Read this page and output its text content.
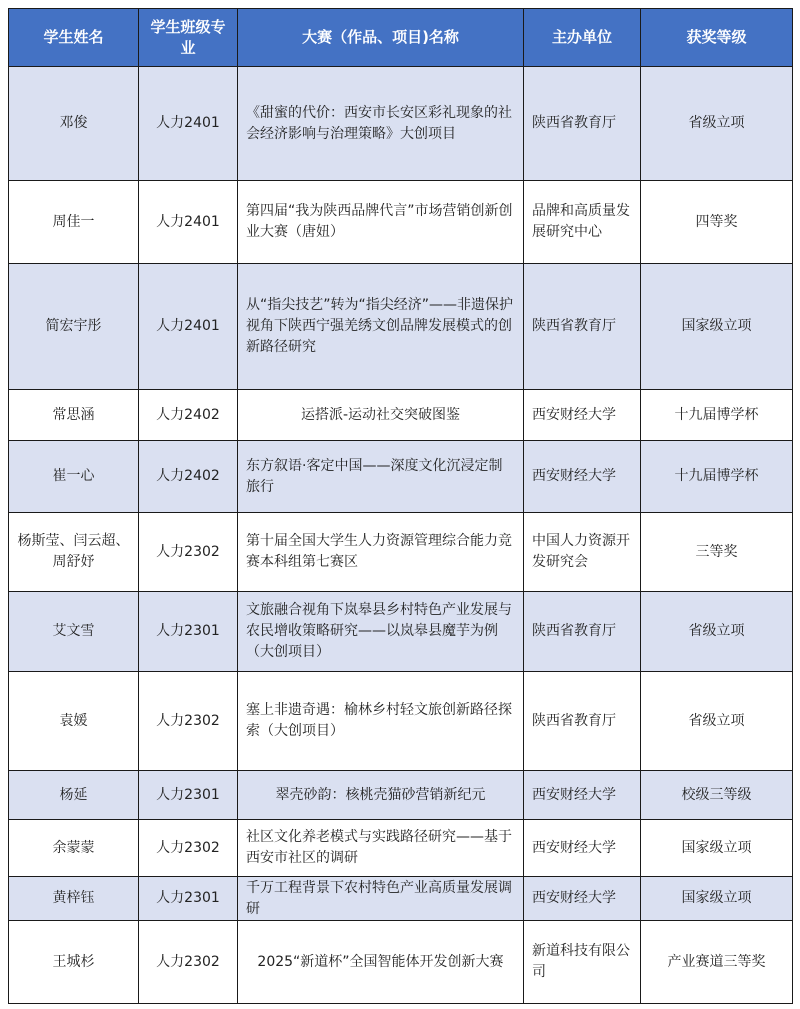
学生姓名	学生班级专业	大赛（作品、项目)名称	主办单位	获奖等级
邓俊	人力2401	《甜蜜的代价：西安市长安区彩礼现象的社会经济影响与治理策略》大创项目	陕西省教育厅	省级立项
周佳一	人力2401	第四届“我为陕西品牌代言”市场营销创新创业大赛（唐妞）	品牌和高质量发展研究中心	四等奖
简宏宇彤	人力2401	从“指尖技艺”转为“指尖经济”——非遗保护视角下陕西宁强羌绣文创品牌发展模式的创新路径研究	陕西省教育厅	国家级立项
常思涵	人力2402	运搭派-运动社交突破图鉴	西安财经大学	十九届博学杯
崔一心	人力2402	东方叙语·客定中国——深度文化沉浸定制旅行	西安财经大学	十九届博学杯
杨斯莹、闫云超、周舒妤	人力2302	第十届全国大学生人力资源管理综合能力竞赛本科组第七赛区	中国人力资源开发研究会	三等奖
艾文雪	人力2301	文旅融合视角下岚皋县乡村特色产业发展与农民增收策略研究——以岚皋县魔芋为例（大创项目）	陕西省教育厅	省级立项
袁媛	人力2302	塞上非遗奇遇：榆林乡村轻文旅创新路径探索（大创项目）	陕西省教育厅	省级立项
杨延	人力2301	翠壳砂韵：核桃壳猫砂营销新纪元	西安财经大学	校级三等级
余蒙蒙	人力2302	社区文化养老模式与实践路径研究——基于西安市社区的调研	西安财经大学	国家级立项
黄梓钰	人力2301	千万工程背景下农村特色产业高质量发展调研	西安财经大学	国家级立项
王城杉	人力2302	2025“新道杯”全国智能体开发创新大赛	新道科技有限公司	产业赛道三等奖
